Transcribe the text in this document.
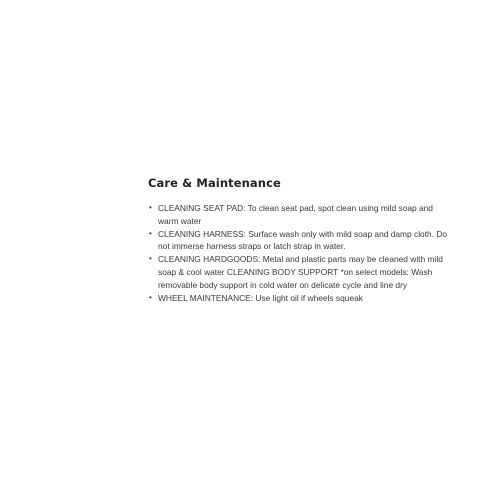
Care & Maintenance
• CLEANING SEAT PAD: To clean seat pad, spot clean using mild soap and warm water
• CLEANING HARNESS: Surface wash only with mild soap and damp cloth. Do not immerse harness straps or latch strap in water.
• CLEANING HARDGOODS: Metal and plastic parts may be cleaned with mild soap & cool water CLEANING BODY SUPPORT *on select models: Wash removable body support in cold water on delicate cycle and line dry
• WHEEL MAINTENANCE: Use light oil if wheels squeak
